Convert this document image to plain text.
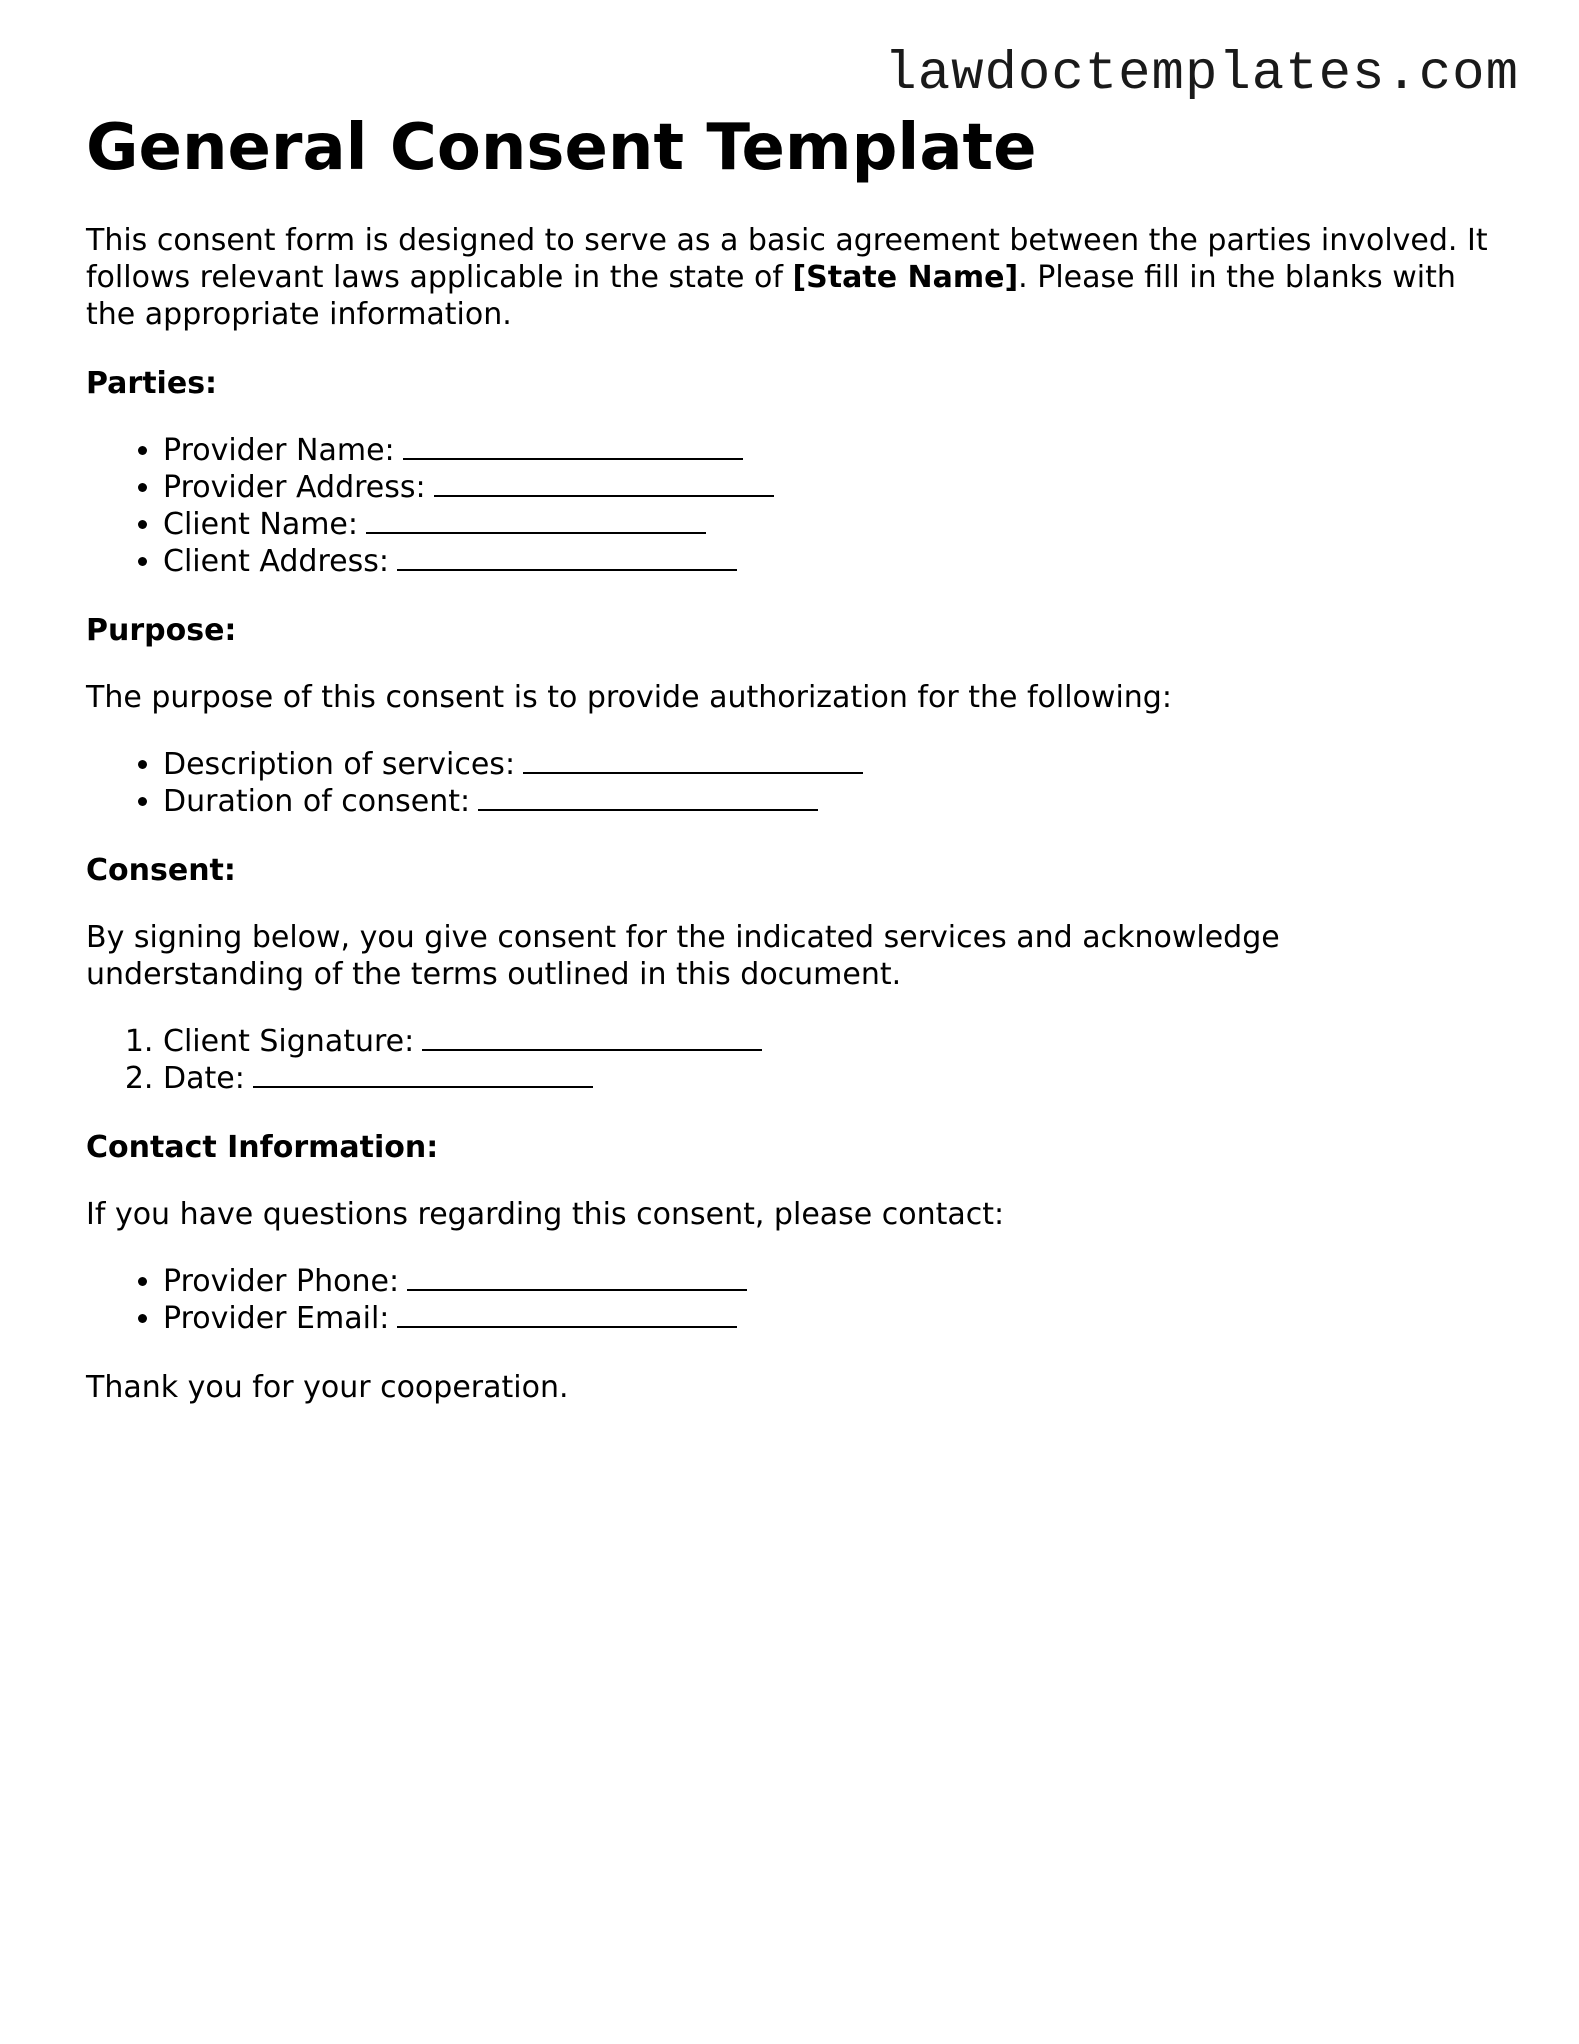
lawdoctemplates.com
General Consent Template

This consent form is designed to serve as a basic agreement between the parties involved. It follows relevant laws applicable in the state of [State Name]. Please fill in the blanks with the appropriate information.

Parties:

• Provider Name:
• Provider Address:
• Client Name:
• Client Address:

Purpose:

The purpose of this consent is to provide authorization for the following:

• Description of services:
• Duration of consent:

Consent:

By signing below, you give consent for the indicated services and acknowledge understanding of the terms outlined in this document.

1. Client Signature:
2. Date:

Contact Information:

If you have questions regarding this consent, please contact:

• Provider Phone:
• Provider Email:

Thank you for your cooperation.
